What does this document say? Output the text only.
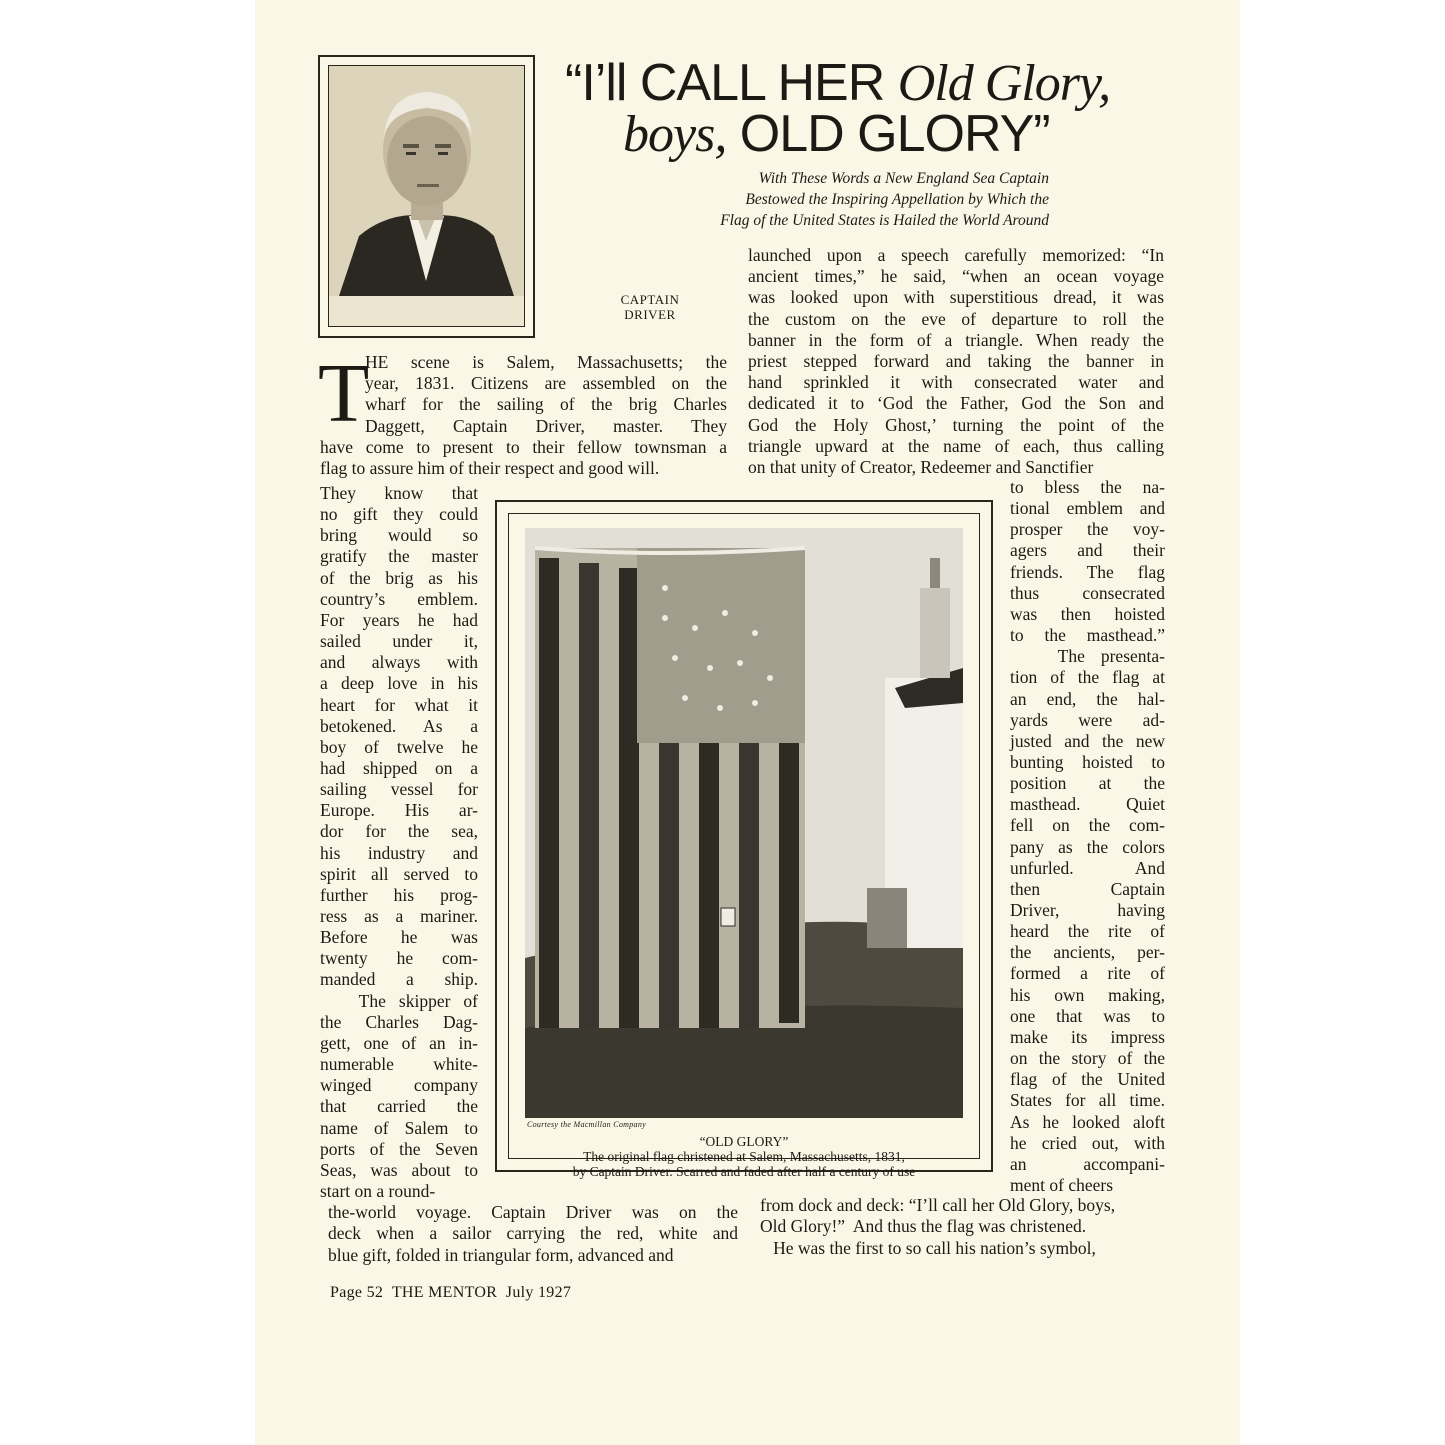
CAPTAIN
DRIVER
“I’ll CALL HER Old Glory,
boys, OLD GLORY”
With These Words a New England Sea Captain
Bestowed the Inspiring Appellation by Which the
Flag of the United States is Hailed the World Around
T
HE scene is Salem, Massachusetts; the
year, 1831. Citizens are assembled on the
wharf for the sailing of the brig Charles
Daggett, Captain Driver, master. They
have come to present to their fellow townsman a
flag to assure him of their respect and good will.
They know that
no gift they could
bring would so
gratify the master
of the brig as his
country’s emblem.
For years he had
sailed under it,
and always with
a deep love in his
heart for what it
betokened. As a
boy of twelve he
had shipped on a
sailing vessel for
Europe. His ar-
dor for the sea,
his industry and
spirit all served to
further his prog-
ress as a mariner.
Before he was
twenty he com-
manded a ship.
The skipper of
the Charles Dag-
gett, one of an in-
numerable white-
winged company
that carried the
name of Salem to
ports of the Seven
Seas, was about to
start on a round-
the-world voyage. Captain Driver was on the
deck when a sailor carrying the red, white and
blue gift, folded in triangular form, advanced and
launched upon a speech carefully memorized: “In
ancient times,” he said, “when an ocean voyage
was looked upon with superstitious dread, it was
the custom on the eve of departure to roll the
banner in the form of a triangle. When ready the
priest stepped forward and taking the banner in
hand sprinkled it with consecrated water and
dedicated it to ‘God the Father, God the Son and
God the Holy Ghost,’ turning the point of the
triangle upward at the name of each, thus calling
on that unity of Creator, Redeemer and Sanctifier
to bless the na-
tional emblem and
prosper the voy-
agers and their
friends. The flag
thus consecrated
was then hoisted
to the masthead.”
The presenta-
tion of the flag at
an end, the hal-
yards were ad-
justed and the new
bunting hoisted to
position at the
masthead. Quiet
fell on the com-
pany as the colors
unfurled. And
then Captain
Driver, having
heard the rite of
the ancients, per-
formed a rite of
his own making,
one that was to
make its impress
on the story of the
flag of the United
States for all time.
As he looked aloft
he cried out, with
an accompani-
ment of cheers
from dock and deck: “I’ll call her Old Glory, boys,
Old Glory!”  And thus the flag was christened.
He was the first to so call his nation’s symbol,
Courtesy the Macmillan Company
“OLD GLORY”
The original flag christened at Salem, Massachusetts, 1831,
by Captain Driver. Scarred and faded after half a century of use
Page 52 THE MENTOR July 1927
